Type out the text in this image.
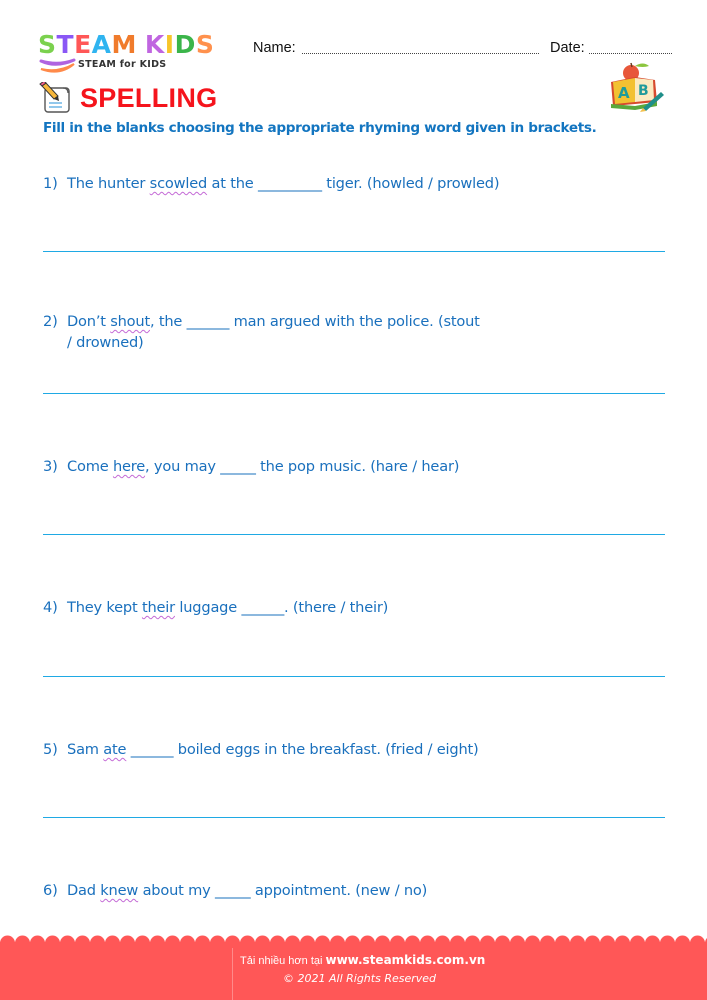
STEAM KIDS
STEAM for KIDS
Name:	Date:
A B
SPELLING
Fill in the blanks choosing the appropriate rhyming word given in brackets.
1) The hunter scowled at the _________ tiger. (howled / prowled)
2) Don’t shout, the ______ man argued with the police. (stout
/ drowned)
3) Come here, you may _____ the pop music. (hare / hear)
4) They kept their luggage ______. (there / their)
5) Sam ate ______ boiled eggs in the breakfast. (fried / eight)
6) Dad knew about my _____ appointment. (new / no)
Tải nhiều hơn tại www.steamkids.com.vn
© 2021 All Rights Reserved
